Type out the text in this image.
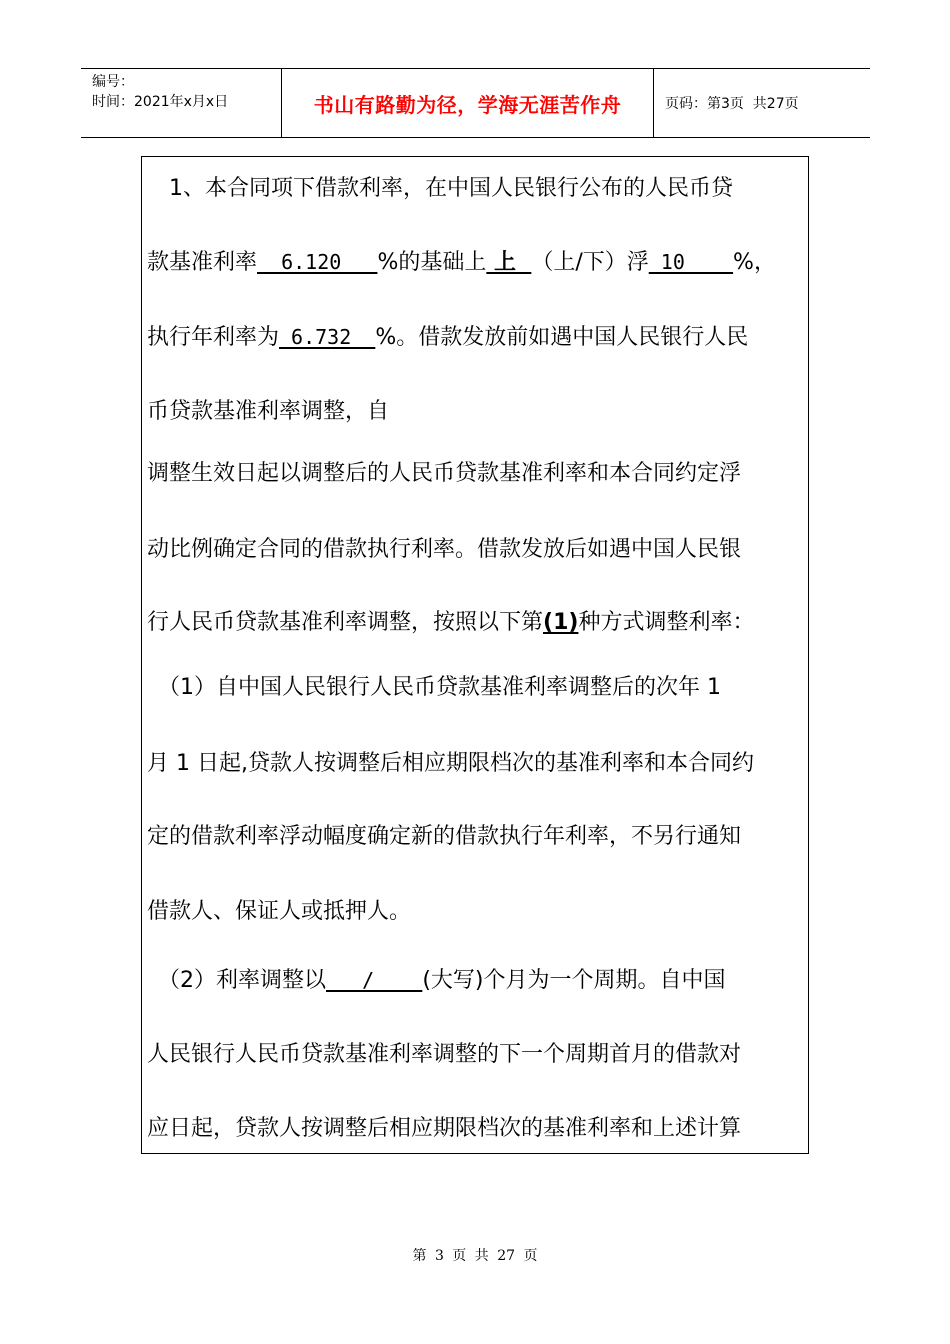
编号：
时间：2021年x月x日	书山有路勤为径，学海无涯苦作舟	页码：第3页  共27页
　1、本合同项下借款利率，在中国人民银行公布的人民币贷
款基准利率  6.120   %的基础上 上  （上/下）浮 10    %，
执行年利率为 6.732  %。借款发放前如遇中国人民银行人民
币贷款基准利率调整，自
调整生效日起以调整后的人民币贷款基准利率和本合同约定浮
动比例确定合同的借款执行利率。借款发放后如遇中国人民银
行人民币贷款基准利率调整，按照以下第(1)种方式调整利率：
　（1）自中国人民银行人民币贷款基准利率调整后的次年 1
月 1 日起,贷款人按调整后相应期限档次的基准利率和本合同约
定的借款利率浮动幅度确定新的借款执行年利率，不另行通知
借款人、保证人或抵押人。
　（2）利率调整以   /    (大写)个月为一个周期。自中国
人民银行人民币贷款基准利率调整的下一个周期首月的借款对
应日起，贷款人按调整后相应期限档次的基准利率和上述计算
第 3 页 共 27 页
